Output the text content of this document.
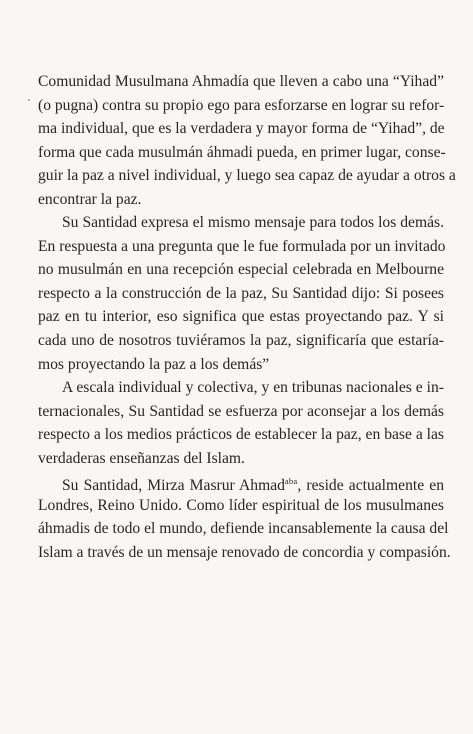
Comunidad Musulmana Ahmadía que lleven a cabo una “Yihad”
(o pugna) contra su propio ego para esforzarse en lograr su refor-
ma individual, que es la verdadera y mayor forma de “Yihad”, de
forma que cada musulmán áhmadi pueda, en primer lugar, conse-
guir la paz a nivel individual, y luego sea capaz de ayudar a otros a
encontrar la paz.
Su Santidad expresa el mismo mensaje para todos los demás.
En respuesta a una pregunta que le fue formulada por un invitado
no musulmán en una recepción especial celebrada en Melbourne
respecto a la construcción de la paz, Su Santidad dijo: Si posees
paz en tu interior, eso significa que estas proyectando paz. Y si
cada uno de nosotros tuviéramos la paz, significaría que estaría-
mos proyectando la paz a los demás”
A escala individual y colectiva, y en tribunas nacionales e in-
ternacionales, Su Santidad se esfuerza por aconsejar a los demás
respecto a los medios prácticos de establecer la paz, en base a las
verdaderas enseñanzas del Islam.
Su Santidad, Mirza Masrur Ahmad$^{aba}$, reside actualmente en
Londres, Reino Unido. Como líder espiritual de los musulmanes
áhmadis de todo el mundo, defiende incansablemente la causa del
Islam a través de un mensaje renovado de concordia y compasión.
